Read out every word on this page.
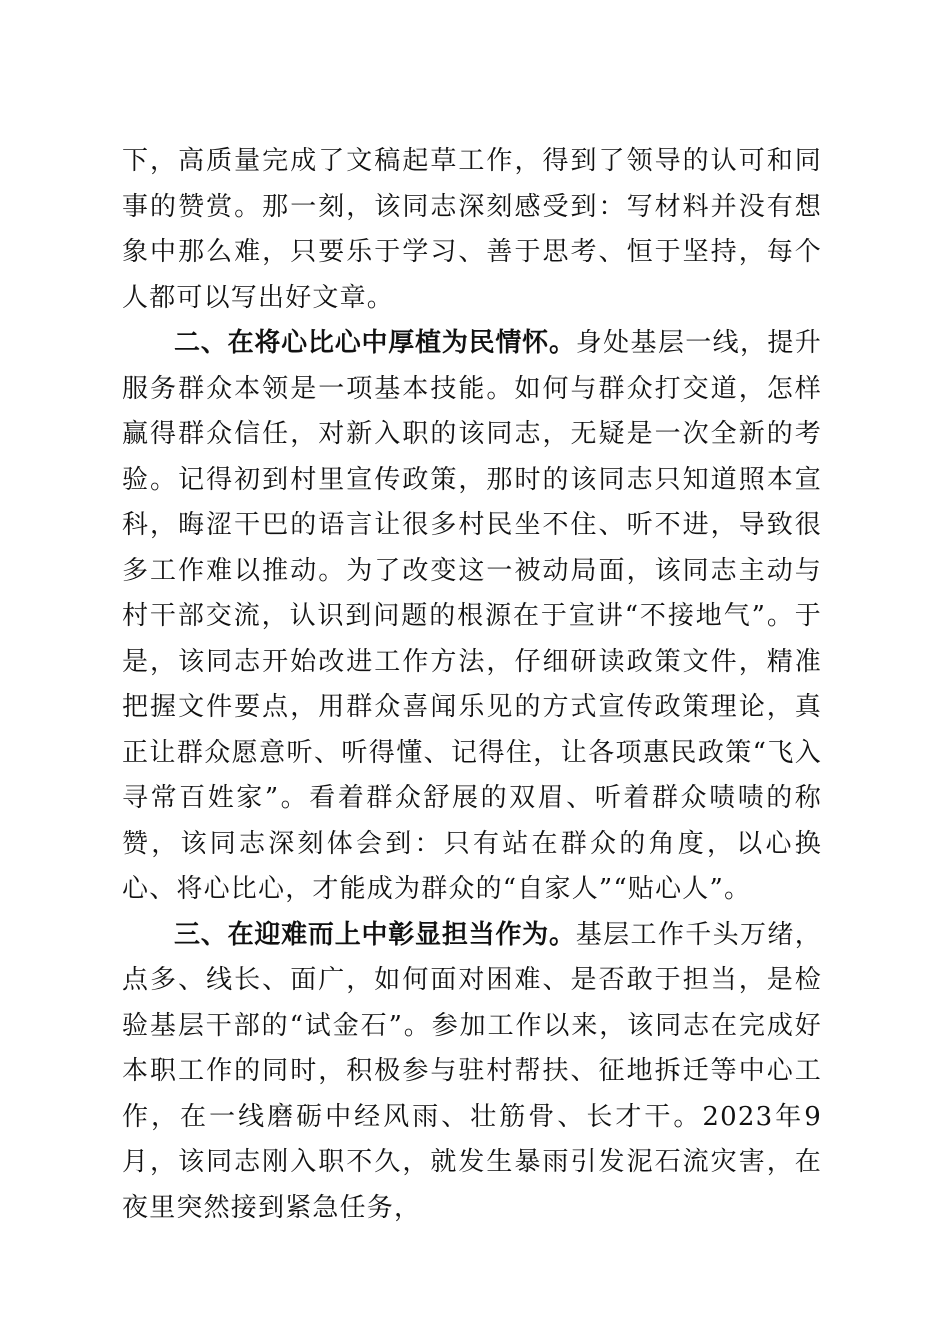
下，高质量完成了文稿起草工作，得到了领导的认可和同事的赞赏。那一刻，该同志深刻感受到：写材料并没有想象中那么难，只要乐于学习、善于思考、恒于坚持，每个人都可以写出好文章。

二、在将心比心中厚植为民情怀。身处基层一线，提升服务群众本领是一项基本技能。如何与群众打交道，怎样赢得群众信任，对新入职的该同志，无疑是一次全新的考验。记得初到村里宣传政策，那时的该同志只知道照本宣科，晦涩干巴的语言让很多村民坐不住、听不进，导致很多工作难以推动。为了改变这一被动局面，该同志主动与村干部交流，认识到问题的根源在于宣讲“不接地气”。于是，该同志开始改进工作方法，仔细研读政策文件，精准把握文件要点，用群众喜闻乐见的方式宣传政策理论，真正让群众愿意听、听得懂、记得住，让各项惠民政策“飞入寻常百姓家”。看着群众舒展的双眉、听着群众啧啧的称赞，该同志深刻体会到：只有站在群众的角度，以心换心、将心比心，才能成为群众的“自家人”“贴心人”。

三、在迎难而上中彰显担当作为。基层工作千头万绪，点多、线长、面广，如何面对困难、是否敢于担当，是检验基层干部的“试金石”。参加工作以来，该同志在完成好本职工作的同时，积极参与驻村帮扶、征地拆迁等中心工作，在一线磨砺中经风雨、壮筋骨、长才干。2023年9月，该同志刚入职不久，就发生暴雨引发泥石流灾害，在夜里突然接到紧急任务，
